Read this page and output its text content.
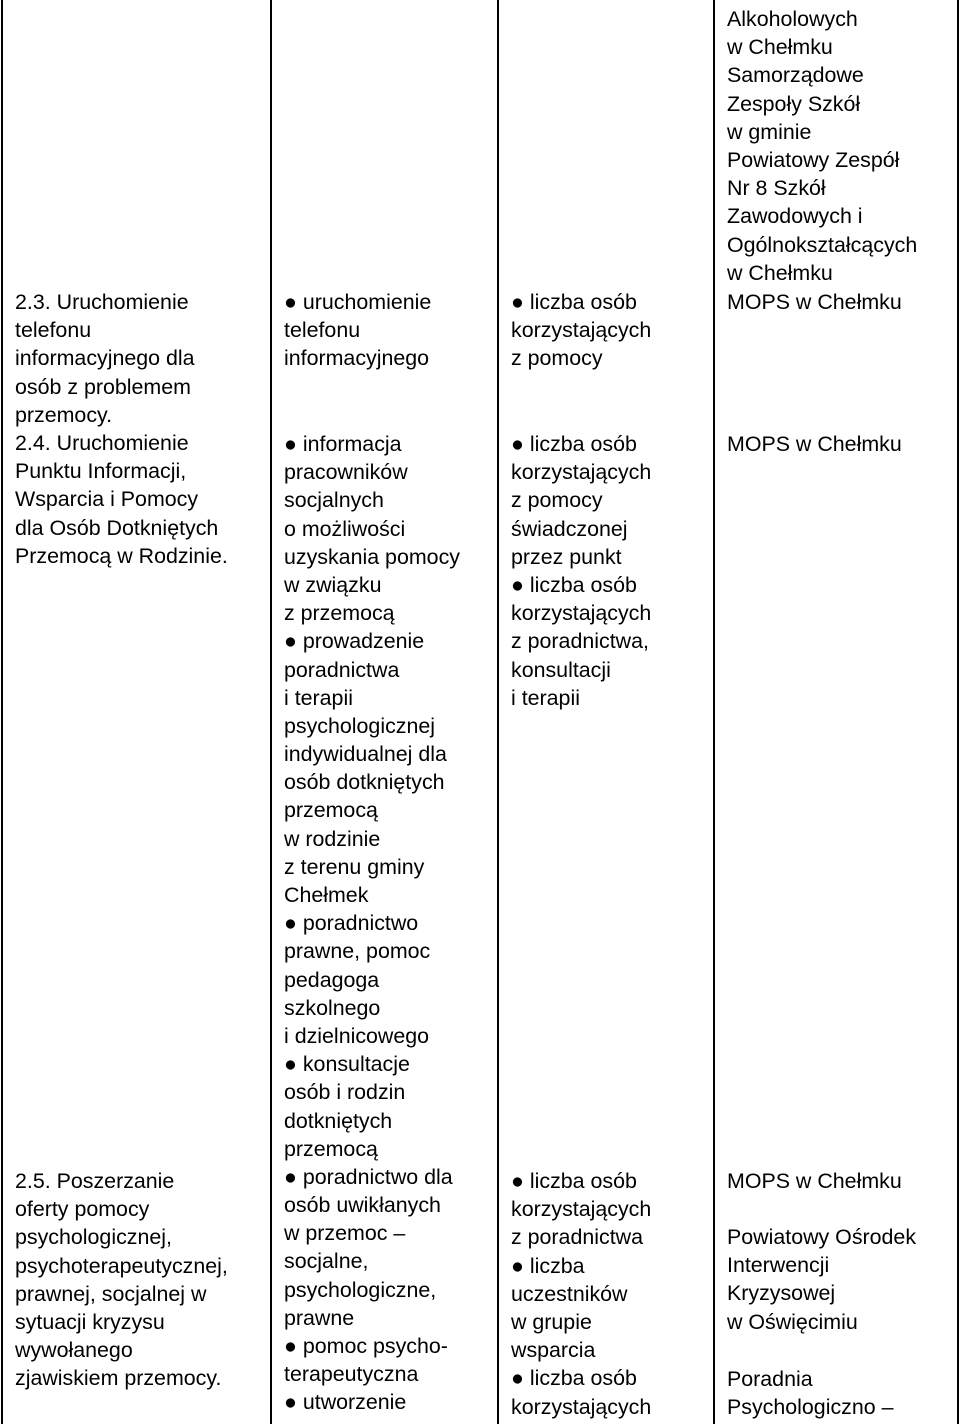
2.3. Uruchomienie
telefonu
informacyjnego dla
osób z problemem
przemocy.
2.4. Uruchomienie
Punktu Informacji,
Wsparcia i Pomocy
dla Osób Dotkniętych
Przemocą w Rodzinie.
2.5. Poszerzanie
oferty pomocy
psychologicznej,
psychoterapeutycznej,
prawnej, socjalnej w
sytuacji kryzysu
wywołanego
zjawiskiem przemocy.
● uruchomienie
telefonu
informacyjnego
● informacja
pracowników
socjalnych
o możliwości
uzyskania pomocy
w związku
z przemocą
● prowadzenie
poradnictwa
i terapii
psychologicznej
indywidualnej dla
osób dotkniętych
przemocą
w rodzinie
z terenu gminy
Chełmek
● poradnictwo
prawne, pomoc
pedagoga
szkolnego
i dzielnicowego
● konsultacje
osób i rodzin
dotkniętych
przemocą
● poradnictwo dla
osób uwikłanych
w przemoc –
socjalne,
psychologiczne,
prawne
● pomoc psycho-
terapeutyczna
● utworzenie
● liczba osób
korzystających
z pomocy
● liczba osób
korzystających
z pomocy
świadczonej
przez punkt
● liczba osób
korzystających
z poradnictwa,
konsultacji
i terapii
● liczba osób
korzystających
z poradnictwa
● liczba
uczestników
w grupie
wsparcia
● liczba osób
korzystających
Alkoholowych
w Chełmku
Samorządowe
Zespoły Szkół
w gminie
Powiatowy Zespół
Nr 8 Szkół
Zawodowych i
Ogólnokształcących
w Chełmku
MOPS w Chełmku
MOPS w Chełmku
MOPS w Chełmku
Powiatowy Ośrodek
Interwencji
Kryzysowej
w Oświęcimiu
Poradnia
Psychologiczno –
